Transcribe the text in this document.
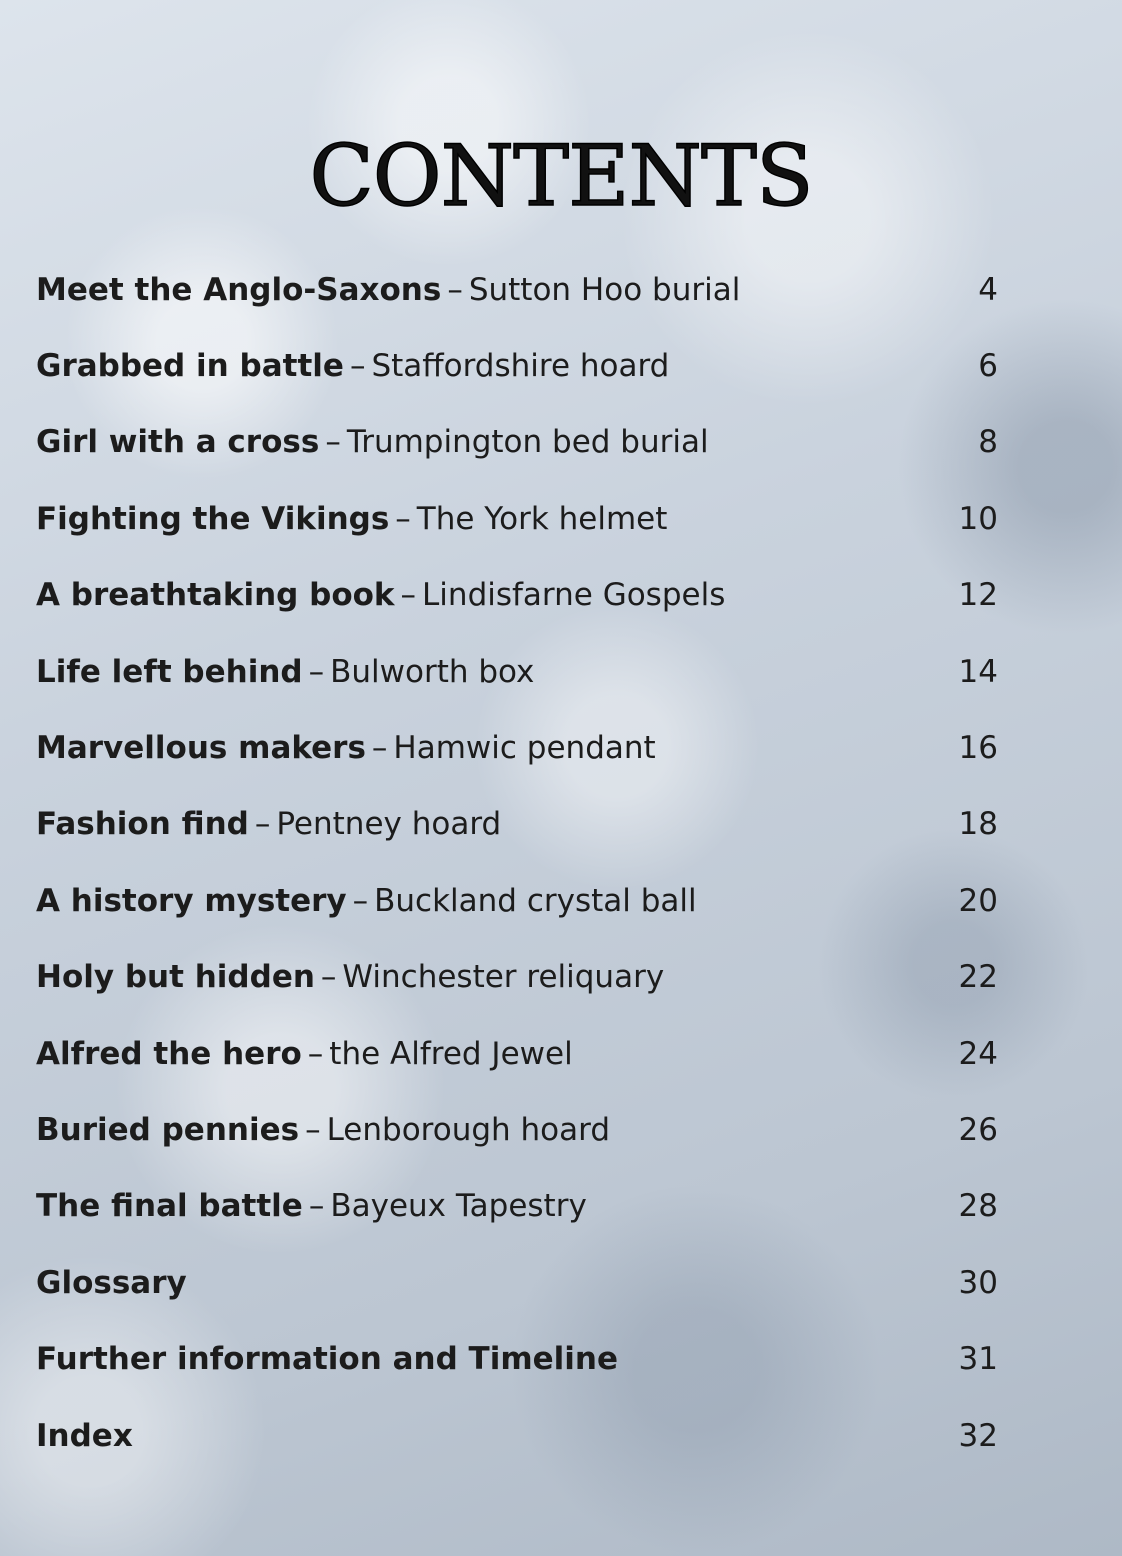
CONTENTS
Meet the Anglo-Saxons – Sutton Hoo burial	4
Grabbed in battle – Staffordshire hoard	6
Girl with a cross – Trumpington bed burial	8
Fighting the Vikings – The York helmet	10
A breathtaking book – Lindisfarne Gospels	12
Life left behind – Bulworth box	14
Marvellous makers – Hamwic pendant	16
Fashion find – Pentney hoard	18
A history mystery – Buckland crystal ball	20
Holy but hidden – Winchester reliquary	22
Alfred the hero – the Alfred Jewel	24
Buried pennies – Lenborough hoard	26
The final battle – Bayeux Tapestry	28
Glossary	30
Further information and Timeline	31
Index	32
